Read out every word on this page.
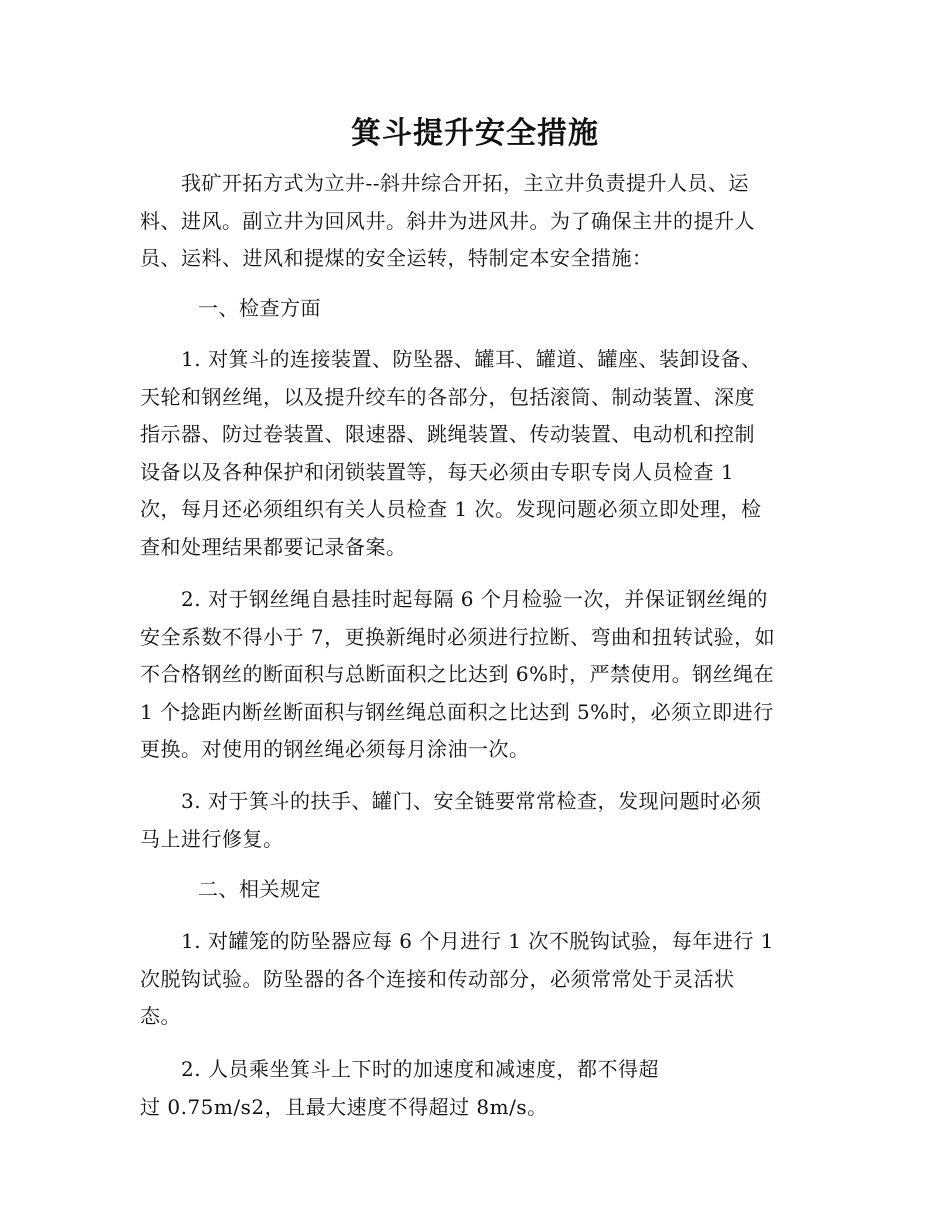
箕斗提升安全措施
　　我矿开拓方式为立井--斜井综合开拓，主立井负责提升人员、运
料、进风。副立井为回风井。斜井为进风井。为了确保主井的提升人
员、运料、进风和提煤的安全运转，特制定本安全措施：
一、检查方面
　　1. 对箕斗的连接装置、防坠器、罐耳、罐道、罐座、装卸设备、
天轮和钢丝绳，以及提升绞车的各部分，包括滚筒、制动装置、深度
指示器、防过卷装置、限速器、跳绳装置、传动装置、电动机和控制
设备以及各种保护和闭锁装置等，每天必须由专职专岗人员检查 1
次，每月还必须组织有关人员检查 1 次。发现问题必须立即处理，检
查和处理结果都要记录备案。
　　2. 对于钢丝绳自悬挂时起每隔 6 个月检验一次，并保证钢丝绳的
安全系数不得小于 7，更换新绳时必须进行拉断、弯曲和扭转试验，如
不合格钢丝的断面积与总断面积之比达到 6%时，严禁使用。钢丝绳在
1 个捻距内断丝断面积与钢丝绳总面积之比达到 5%时，必须立即进行
更换。对使用的钢丝绳必须每月涂油一次。
　　3. 对于箕斗的扶手、罐门、安全链要常常检查，发现问题时必须
马上进行修复。
二、相关规定
　　1. 对罐笼的防坠器应每 6 个月进行 1 次不脱钩试验，每年进行 1
次脱钩试验。防坠器的各个连接和传动部分，必须常常处于灵活状
态。
　　2. 人员乘坐箕斗上下时的加速度和减速度，都不得超
过 0.75m/s2，且最大速度不得超过 8m/s。
